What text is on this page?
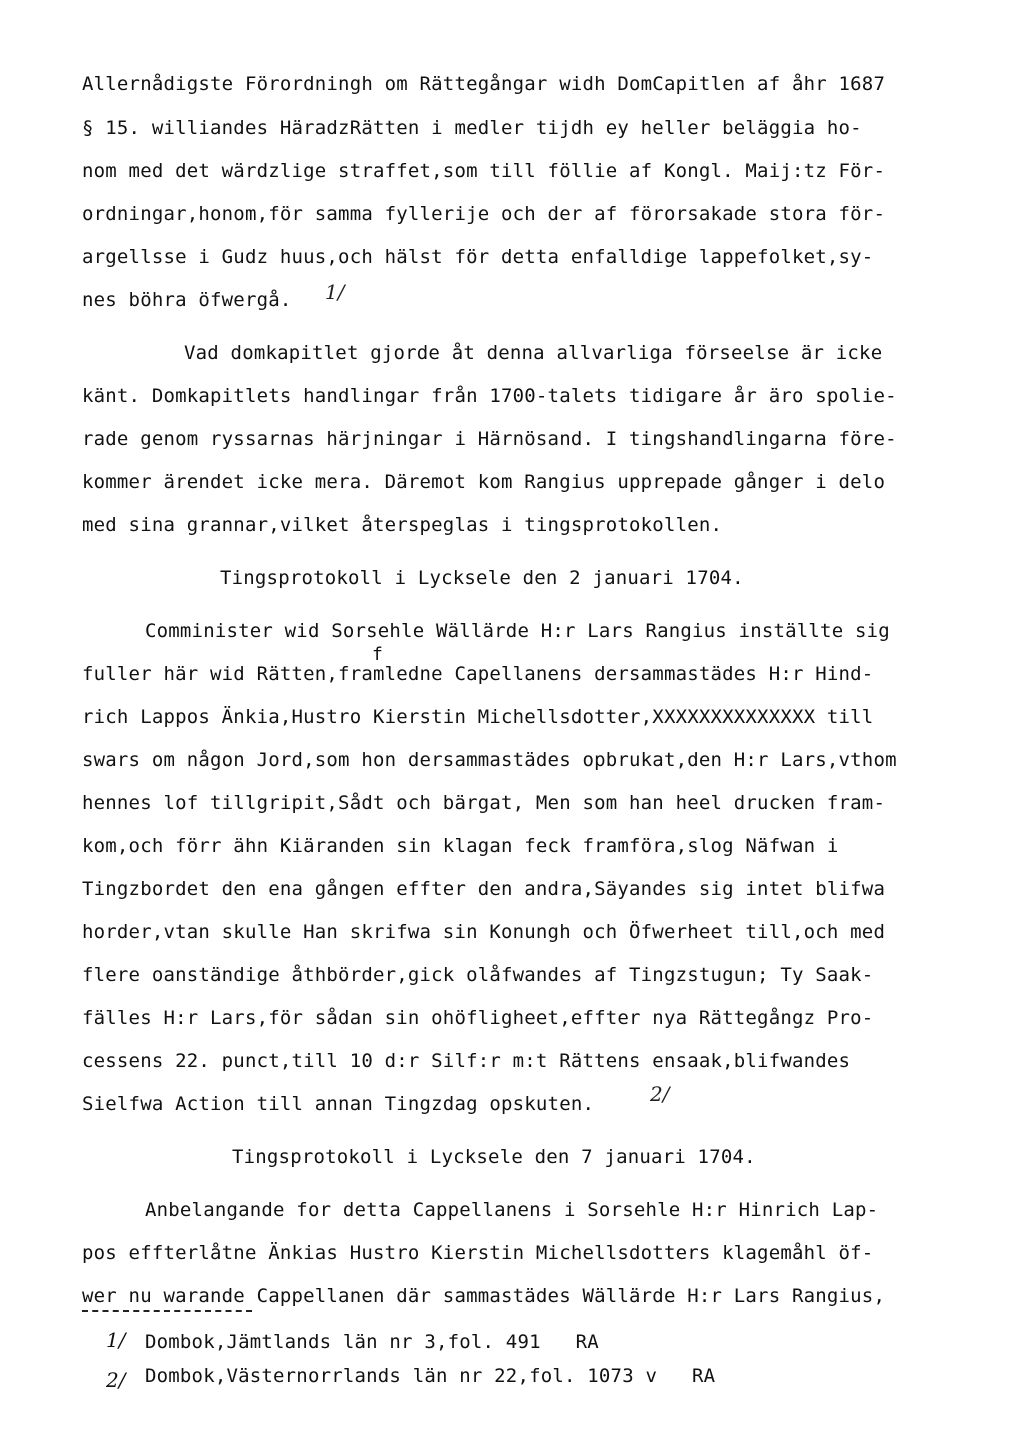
Allernådigste Förordningh om Rättegångar widh DomCapitlen af åhr 1687
§ 15. williandes HäradzRätten i medler tijdh ey heller beläggia ho-
nom med det wärdzlige straffet,som till föllie af Kongl. Maij:tz För-
ordningar,honom,för samma fyllerije och der af förorsakade stora för-
argellsse i Gudz huus,och hälst för detta enfalldige lappefolket,sy-
nes böhra öfwergå. 1/
Vad domkapitlet gjorde åt denna allvarliga förseelse är icke
känt. Domkapitlets handlingar från 1700-talets tidigare år äro spolie-
rade genom ryssarnas härjningar i Härnösand. I tingshandlingarna före-
kommer ärendet icke mera. Däremot kom Rangius upprepade gånger i delo
med sina grannar,vilket återspeglas i tingsprotokollen.
Tingsprotokoll i Lycksele den 2 januari 1704.
Comminister wid Sorsehle Wällärde H:r Lars Rangius inställte sig
f
fuller här wid Rätten,framledne Capellanens dersammastädes H:r Hind-
rich Lappos Änkia,Hustro Kierstin Michellsdotter,XXXXXXXXXXXXXX till
swars om någon Jord,som hon dersammastädes opbrukat,den H:r Lars,vthom
hennes lof tillgripit,Sådt och bärgat, Men som han heel drucken fram-
kom,och förr ähn Kiäranden sin klagan feck framföra,slog Näfwan i
Tingzbordet den ena gången effter den andra,Säyandes sig intet blifwa
horder,vtan skulle Han skrifwa sin Konungh och Öfwerheet till,och med
flere oanständige åthbörder,gick olåfwandes af Tingzstugun; Ty Saak-
fälles H:r Lars,för sådan sin ohöfligheet,effter nya Rättegångz Pro-
cessens 22. punct,till 10 d:r Silf:r m:t Rättens ensaak,blifwandes
Sielfwa Action till annan Tingzdag opskuten.	2/
Tingsprotokoll i Lycksele den 7 januari 1704.
Anbelangande for detta Cappellanens i Sorsehle H:r Hinrich Lap-
pos effterlåtne Änkias Hustro Kierstin Michellsdotters klagemåhl öf-
wer nu warande Cappellanen där sammastädes Wällärde H:r Lars Rangius,
1/ Dombok,Jämtlands län nr 3,fol. 491   RA
2/ Dombok,Västernorrlands län nr 22,fol. 1073 v   RA
